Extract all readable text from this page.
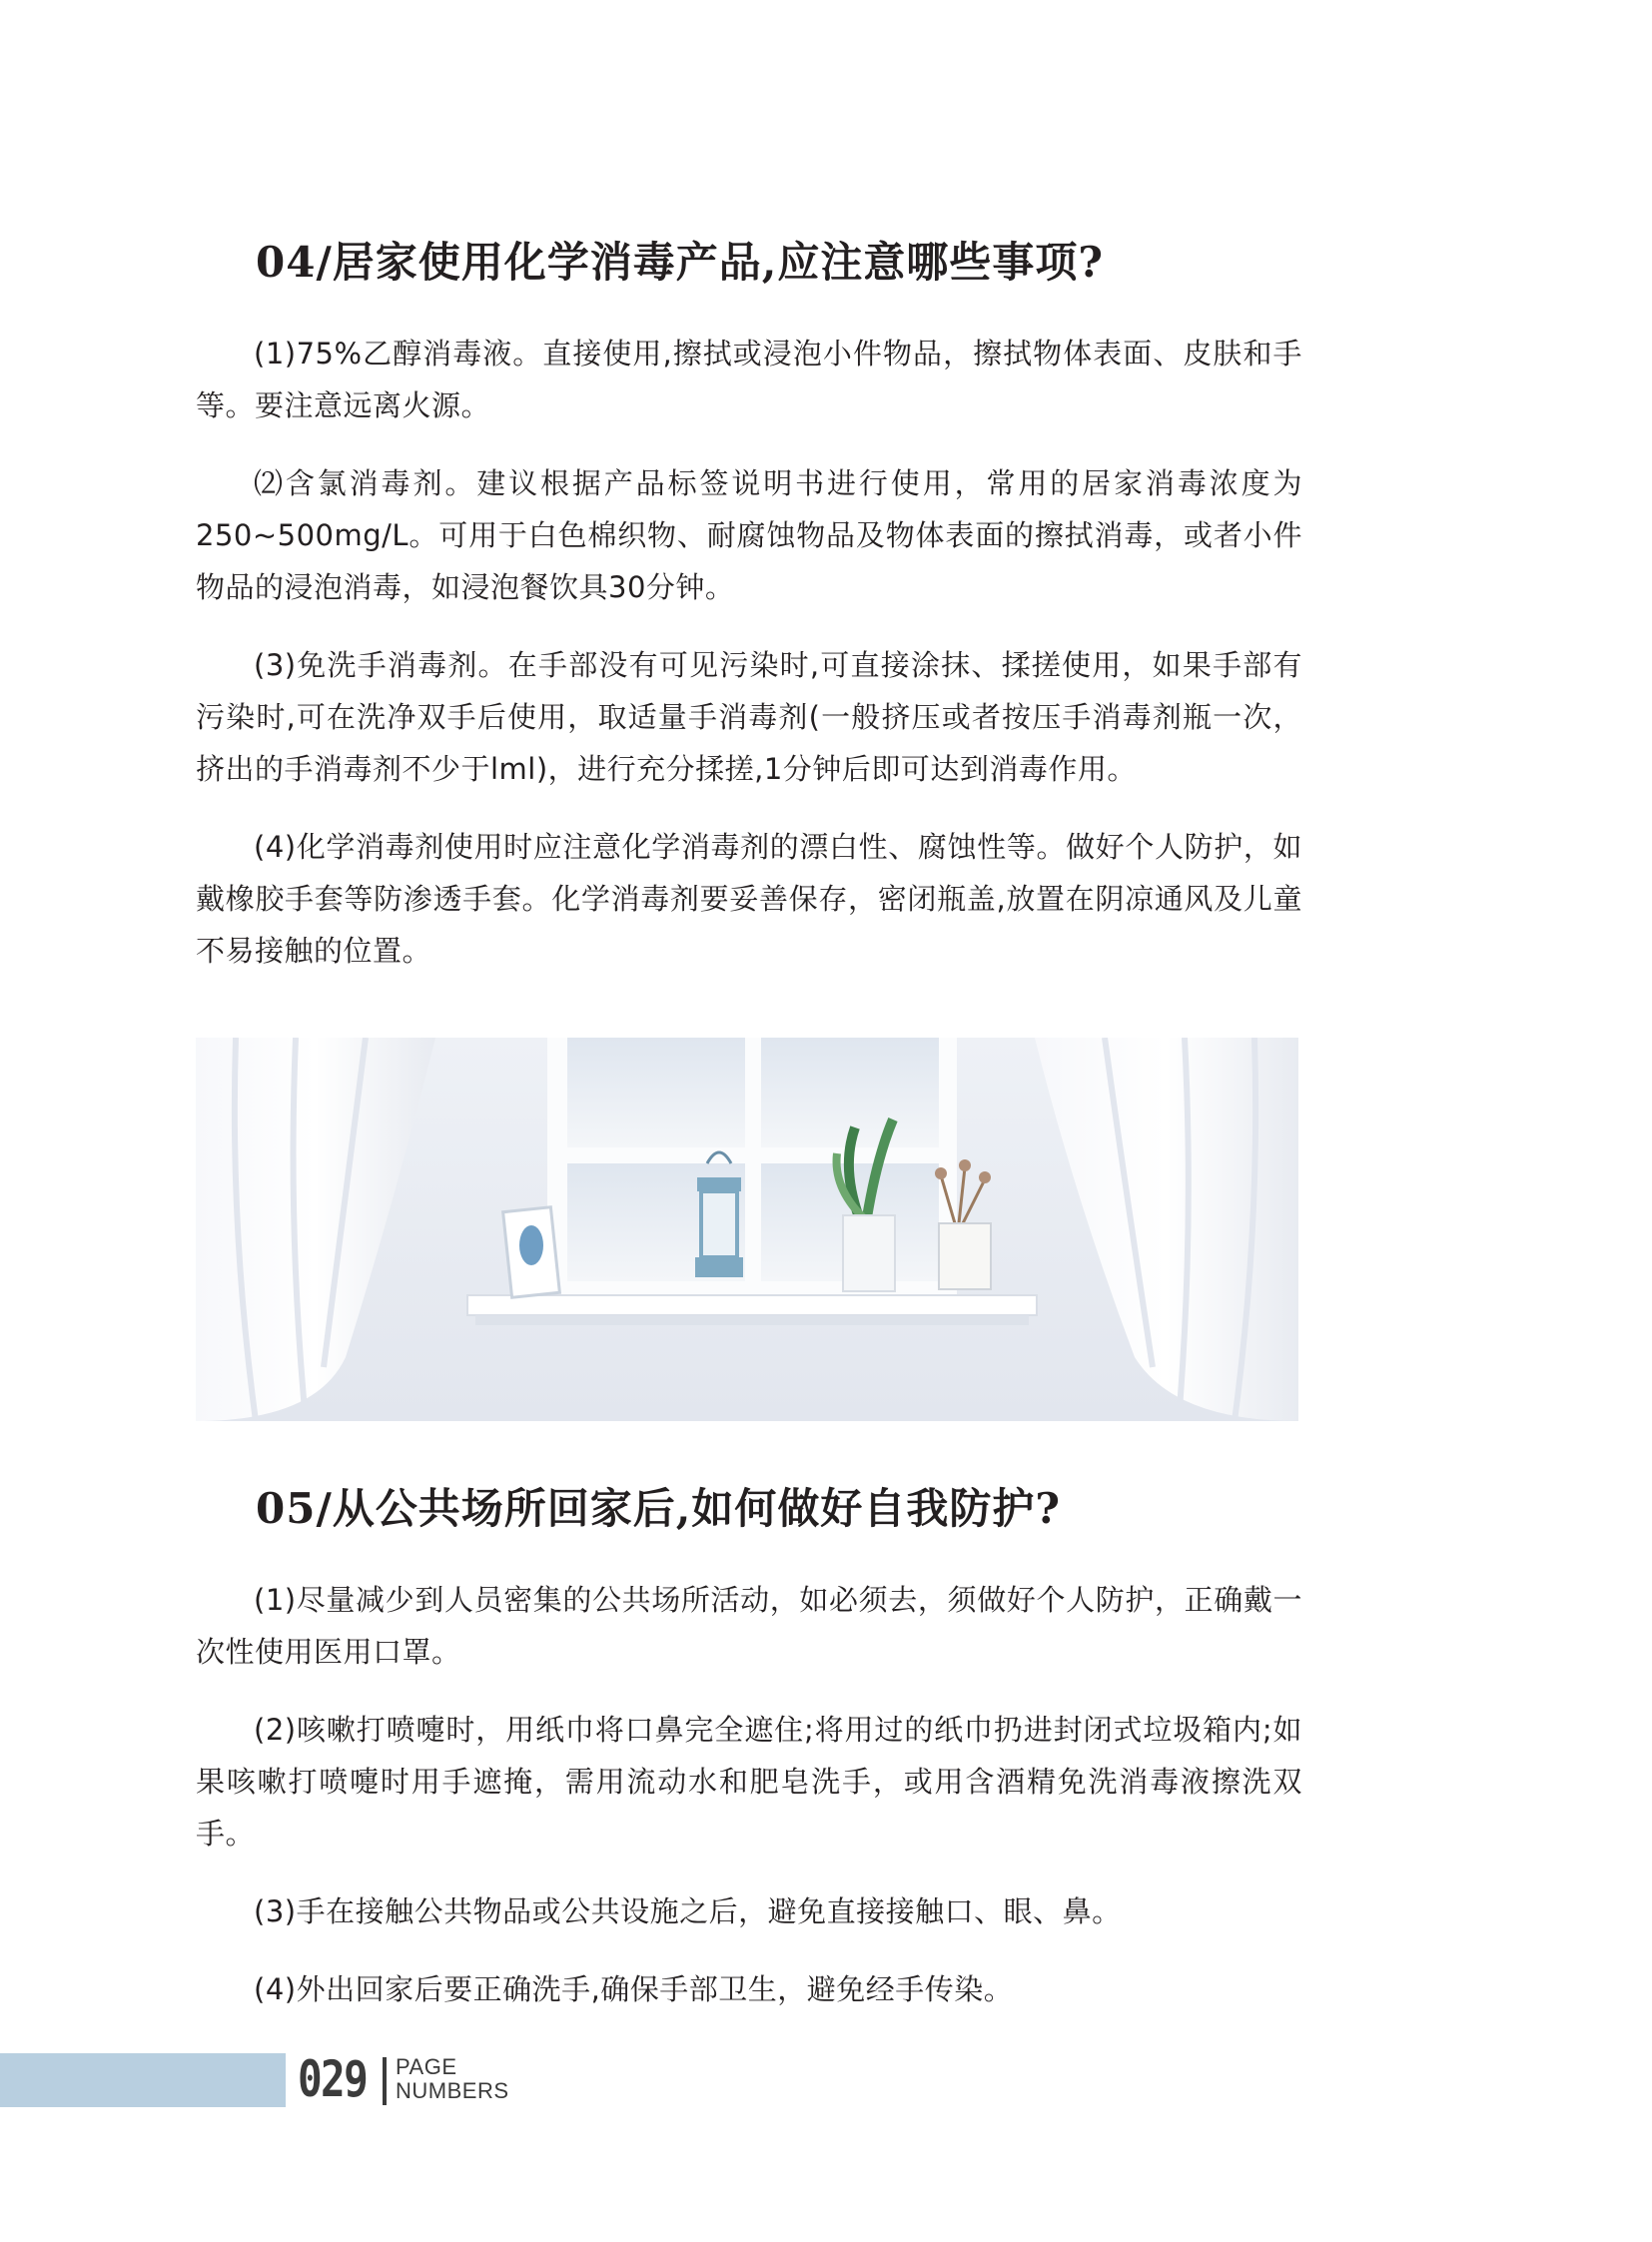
04/居家使用化学消毒产品,应注意哪些事项?

(1)75%乙醇消毒液。直接使用,擦拭或浸泡小件物品，擦拭物体表面、皮肤和手等。要注意远离火源。

⑵含氯消毒剂。建议根据产品标签说明书进行使用，常用的居家消毒浓度为250~500mg/L。可用于白色棉织物、耐腐蚀物品及物体表面的擦拭消毒，或者小件物品的浸泡消毒，如浸泡餐饮具30分钟。

(3)免洗手消毒剂。在手部没有可见污染时,可直接涂抹、揉搓使用，如果手部有污染时,可在洗净双手后使用，取适量手消毒剂(一般挤压或者按压手消毒剂瓶一次，挤出的手消毒剂不少于lml)，进行充分揉搓,1分钟后即可达到消毒作用。

(4)化学消毒剂使用时应注意化学消毒剂的漂白性、腐蚀性等。做好个人防护，如戴橡胶手套等防渗透手套。化学消毒剂要妥善保存，密闭瓶盖,放置在阴凉通风及儿童不易接触的位置。

05/从公共场所回家后,如何做好自我防护?

(1)尽量减少到人员密集的公共场所活动，如必须去，须做好个人防护，正确戴一次性使用医用口罩。

(2)咳嗽打喷嚏时，用纸巾将口鼻完全遮住;将用过的纸巾扔进封闭式垃圾箱内;如果咳嗽打喷嚏时用手遮掩，需用流动水和肥皂洗手，或用含酒精免洗消毒液擦洗双手。

(3)手在接触公共物品或公共设施之后，避免直接接触口、眼、鼻。

(4)外出回家后要正确洗手,确保手部卫生，避免经手传染。

029 PAGE
NUMBERS
